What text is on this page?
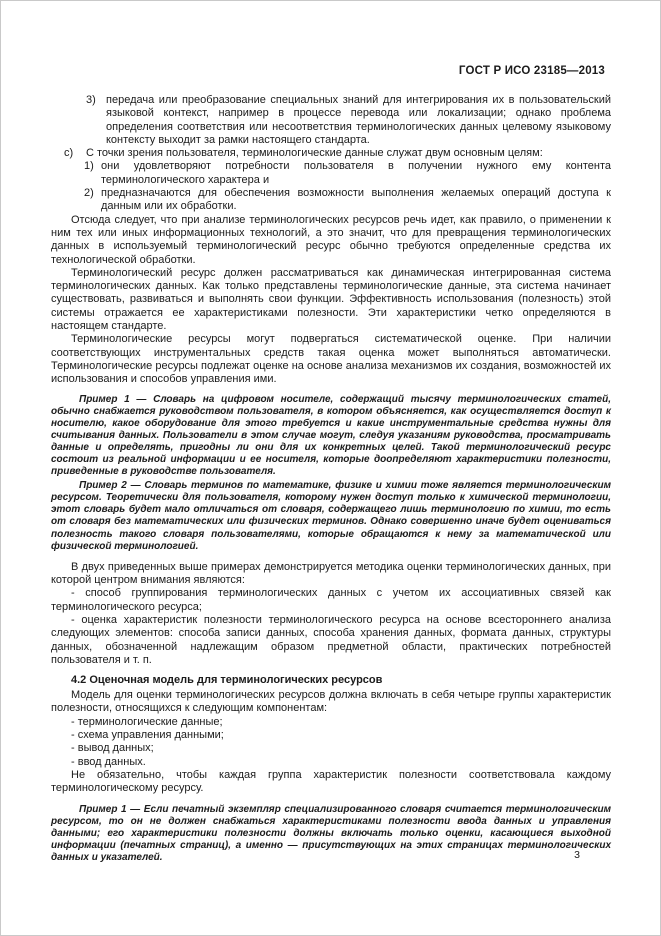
ГОСТ Р ИСО 23185—2013
3) передача или преобразование специальных знаний для интегрирования их в пользовательский языковой контекст, например в процессе перевода или локализации; однако проблема определения соответствия или несоответствия терминологических данных целевому языковому контексту выходит за рамки настоящего стандарта.
с) С точки зрения пользователя, терминологические данные служат двум основным целям:
1) они удовлетворяют потребности пользователя в получении нужного ему контента терминологического характера и
2) предназначаются для обеспечения возможности выполнения желаемых операций доступа к данным или их обработки.
Отсюда следует, что при анализе терминологических ресурсов речь идет, как правило, о применении к ним тех или иных информационных технологий, а это значит, что для превращения терминологических данных в используемый терминологический ресурс обычно требуются определенные средства их технологической обработки.
Терминологический ресурс должен рассматриваться как динамическая интегрированная система терминологических данных. Как только представлены терминологические данные, эта система начинает существовать, развиваться и выполнять свои функции. Эффективность использования (полезность) этой системы отражается ее характеристиками полезности. Эти характеристики четко определяются в настоящем стандарте.
Терминологические ресурсы могут подвергаться систематической оценке. При наличии соответствующих инструментальных средств такая оценка может выполняться автоматически. Терминологические ресурсы подлежат оценке на основе анализа механизмов их создания, возможностей их использования и способов управления ими.
Пример 1 — Словарь на цифровом носителе, содержащий тысячу терминологических статей, обычно снабжается руководством пользователя, в котором объясняется, как осуществляется доступ к носителю, какое оборудование для этого требуется и какие инструментальные средства нужны для считывания данных. Пользователи в этом случае могут, следуя указаниям руководства, просматривать данные и определять, пригодны ли они для их конкретных целей. Такой терминологический ресурс состоит из реальной информации и ее носителя, которые доопределяют характеристики полезности, приведенные в руководстве пользователя.
Пример 2 — Словарь терминов по математике, физике и химии тоже является терминологическим ресурсом. Теоретически для пользователя, которому нужен доступ только к химической терминологии, этот словарь будет мало отличаться от словаря, содержащего лишь терминологию по химии, то есть от словаря без математических или физических терминов. Однако совершенно иначе будет оцениваться полезность такого словаря пользователями, которые обращаются к нему за математической или физической терминологией.
В двух приведенных выше примерах демонстрируется методика оценки терминологических данных, при которой центром внимания являются:
- способ группирования терминологических данных с учетом их ассоциативных связей как терминологического ресурса;
- оценка характеристик полезности терминологического ресурса на основе всестороннего анализа следующих элементов: способа записи данных, способа хранения данных, формата данных, структуры данных, обозначенной надлежащим образом предметной области, практических потребностей пользователя и т. п.
4.2 Оценочная модель для терминологических ресурсов
Модель для оценки терминологических ресурсов должна включать в себя четыре группы характеристик полезности, относящихся к следующим компонентам:
- терминологические данные;
- схема управления данными;
- вывод данных;
- ввод данных.
Не обязательно, чтобы каждая группа характеристик полезности соответствовала каждому терминологическому ресурсу.
Пример 1 — Если печатный экземпляр специализированного словаря считается терминологическим ресурсом, то он не должен снабжаться характеристиками полезности ввода данных и управления данными; его характеристики полезности должны включать только оценки, касающиеся выходной информации (печатных страниц), а именно — присутствующих на этих страницах терминологических данных и указателей.	3
